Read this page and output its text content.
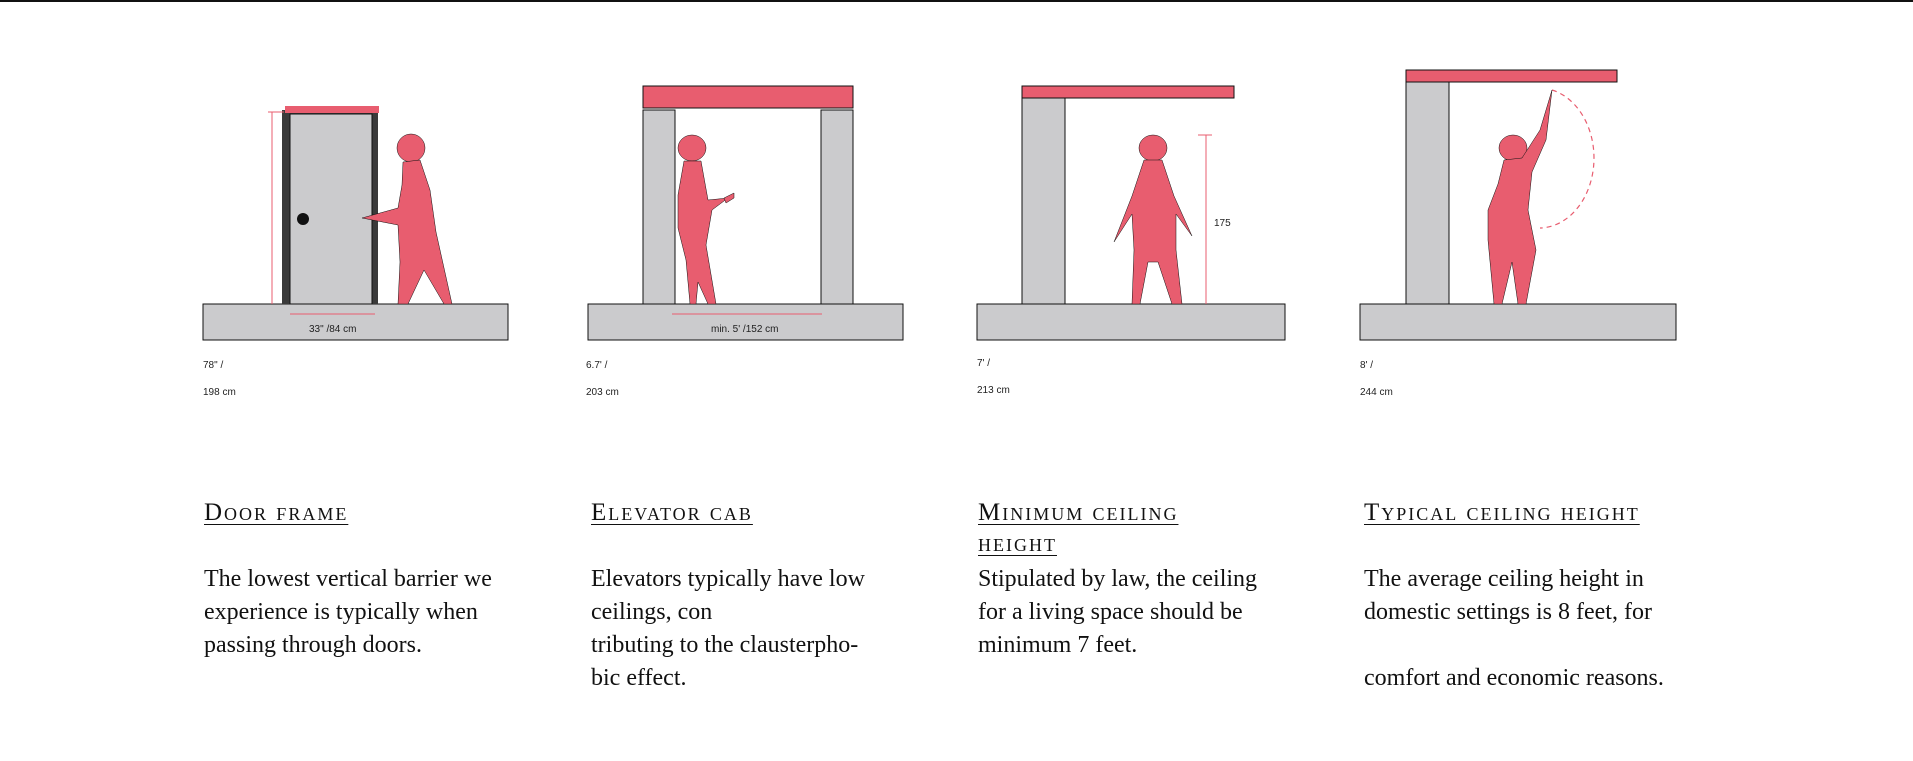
33" /84 cm
78" /
198 cm
Door frame
The lowest vertical barrier we
experience is typically when
passing through doors.
min. 5' /152 cm
6.7' /
203 cm
Elevator cab
Elevators typically have low
ceilings, con
tributing to the clausterpho-
bic effect.
175
7' /
213 cm
Minimum ceiling
height
Stipulated by law, the ceiling
for a living space should be
minimum 7 feet.
8' /
244 cm
Typical ceiling height
The average ceiling height in
domestic settings is 8 feet, for

comfort and economic reasons.
